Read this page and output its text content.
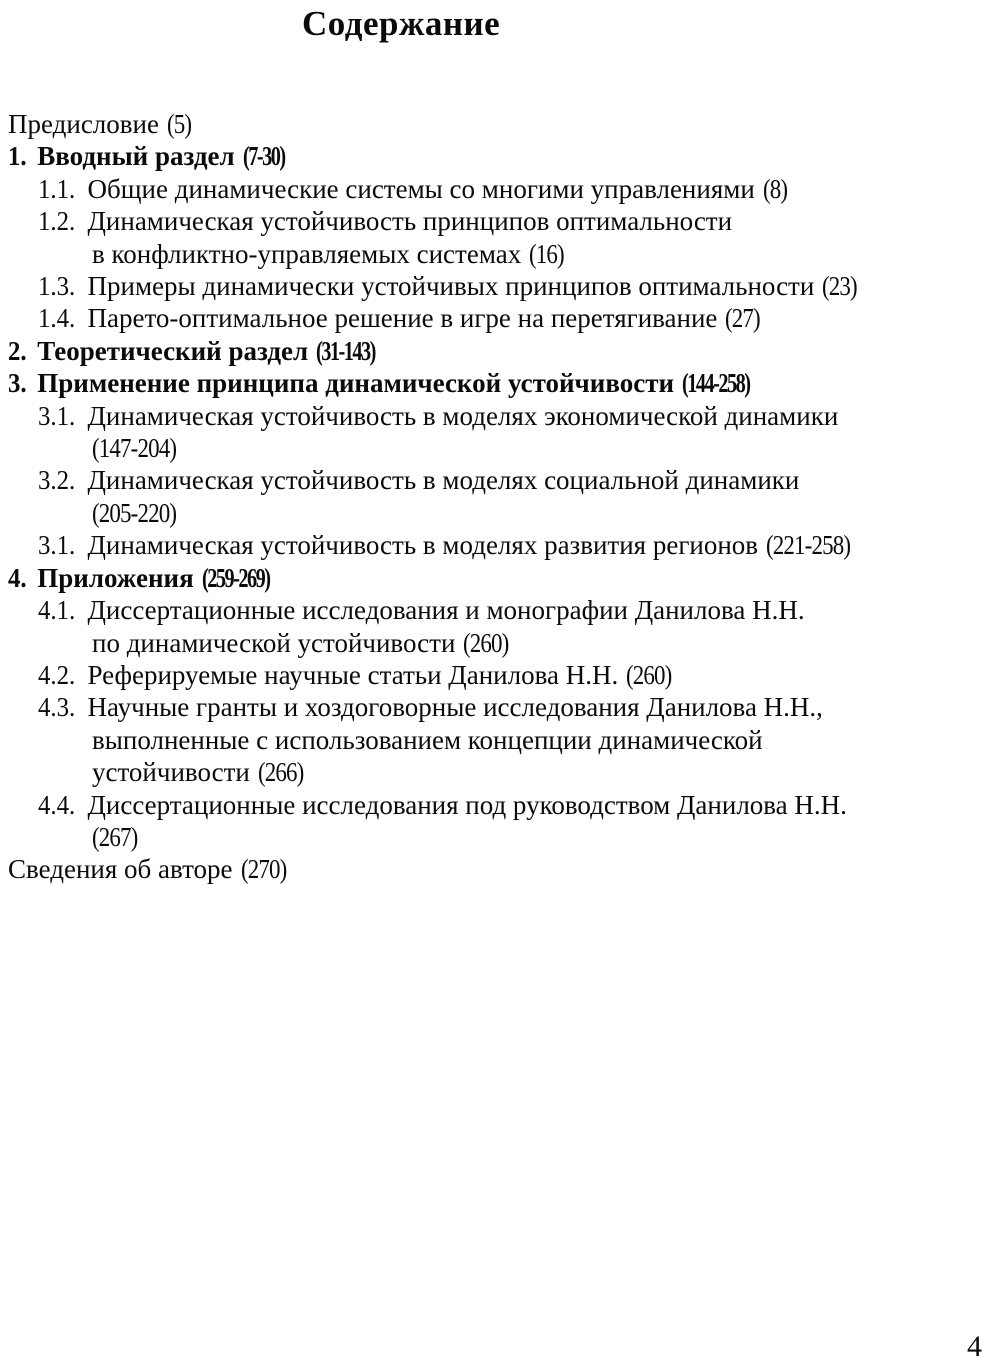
Содержание
Предисловие (5)
1. Вводный раздел (7-30)
1.1. Общие динамические системы со многими управлениями (8)
1.2. Динамическая устойчивость принципов оптимальности
в конфликтно-управляемых системах (16)
1.3. Примеры динамически устойчивых принципов оптимальности (23)
1.4. Парето-оптимальное решение в игре на перетягивание (27)
2. Теоретический раздел (31-143)
3. Применение принципа динамической устойчивости (144-258)
3.1. Динамическая устойчивость в моделях экономической динамики
(147-204)
3.2. Динамическая устойчивость в моделях социальной динамики
(205-220)
3.1. Динамическая устойчивость в моделях развития регионов (221-258)
4. Приложения (259-269)
4.1. Диссертационные исследования и монографии Данилова Н.Н.
по динамической устойчивости (260)
4.2. Реферируемые научные статьи Данилова Н.Н. (260)
4.3. Научные гранты и хоздоговорные исследования Данилова Н.Н.,
выполненные с использованием концепции динамической
устойчивости (266)
4.4. Диссертационные исследования под руководством Данилова Н.Н.
(267)
Сведения об авторе (270)
4
